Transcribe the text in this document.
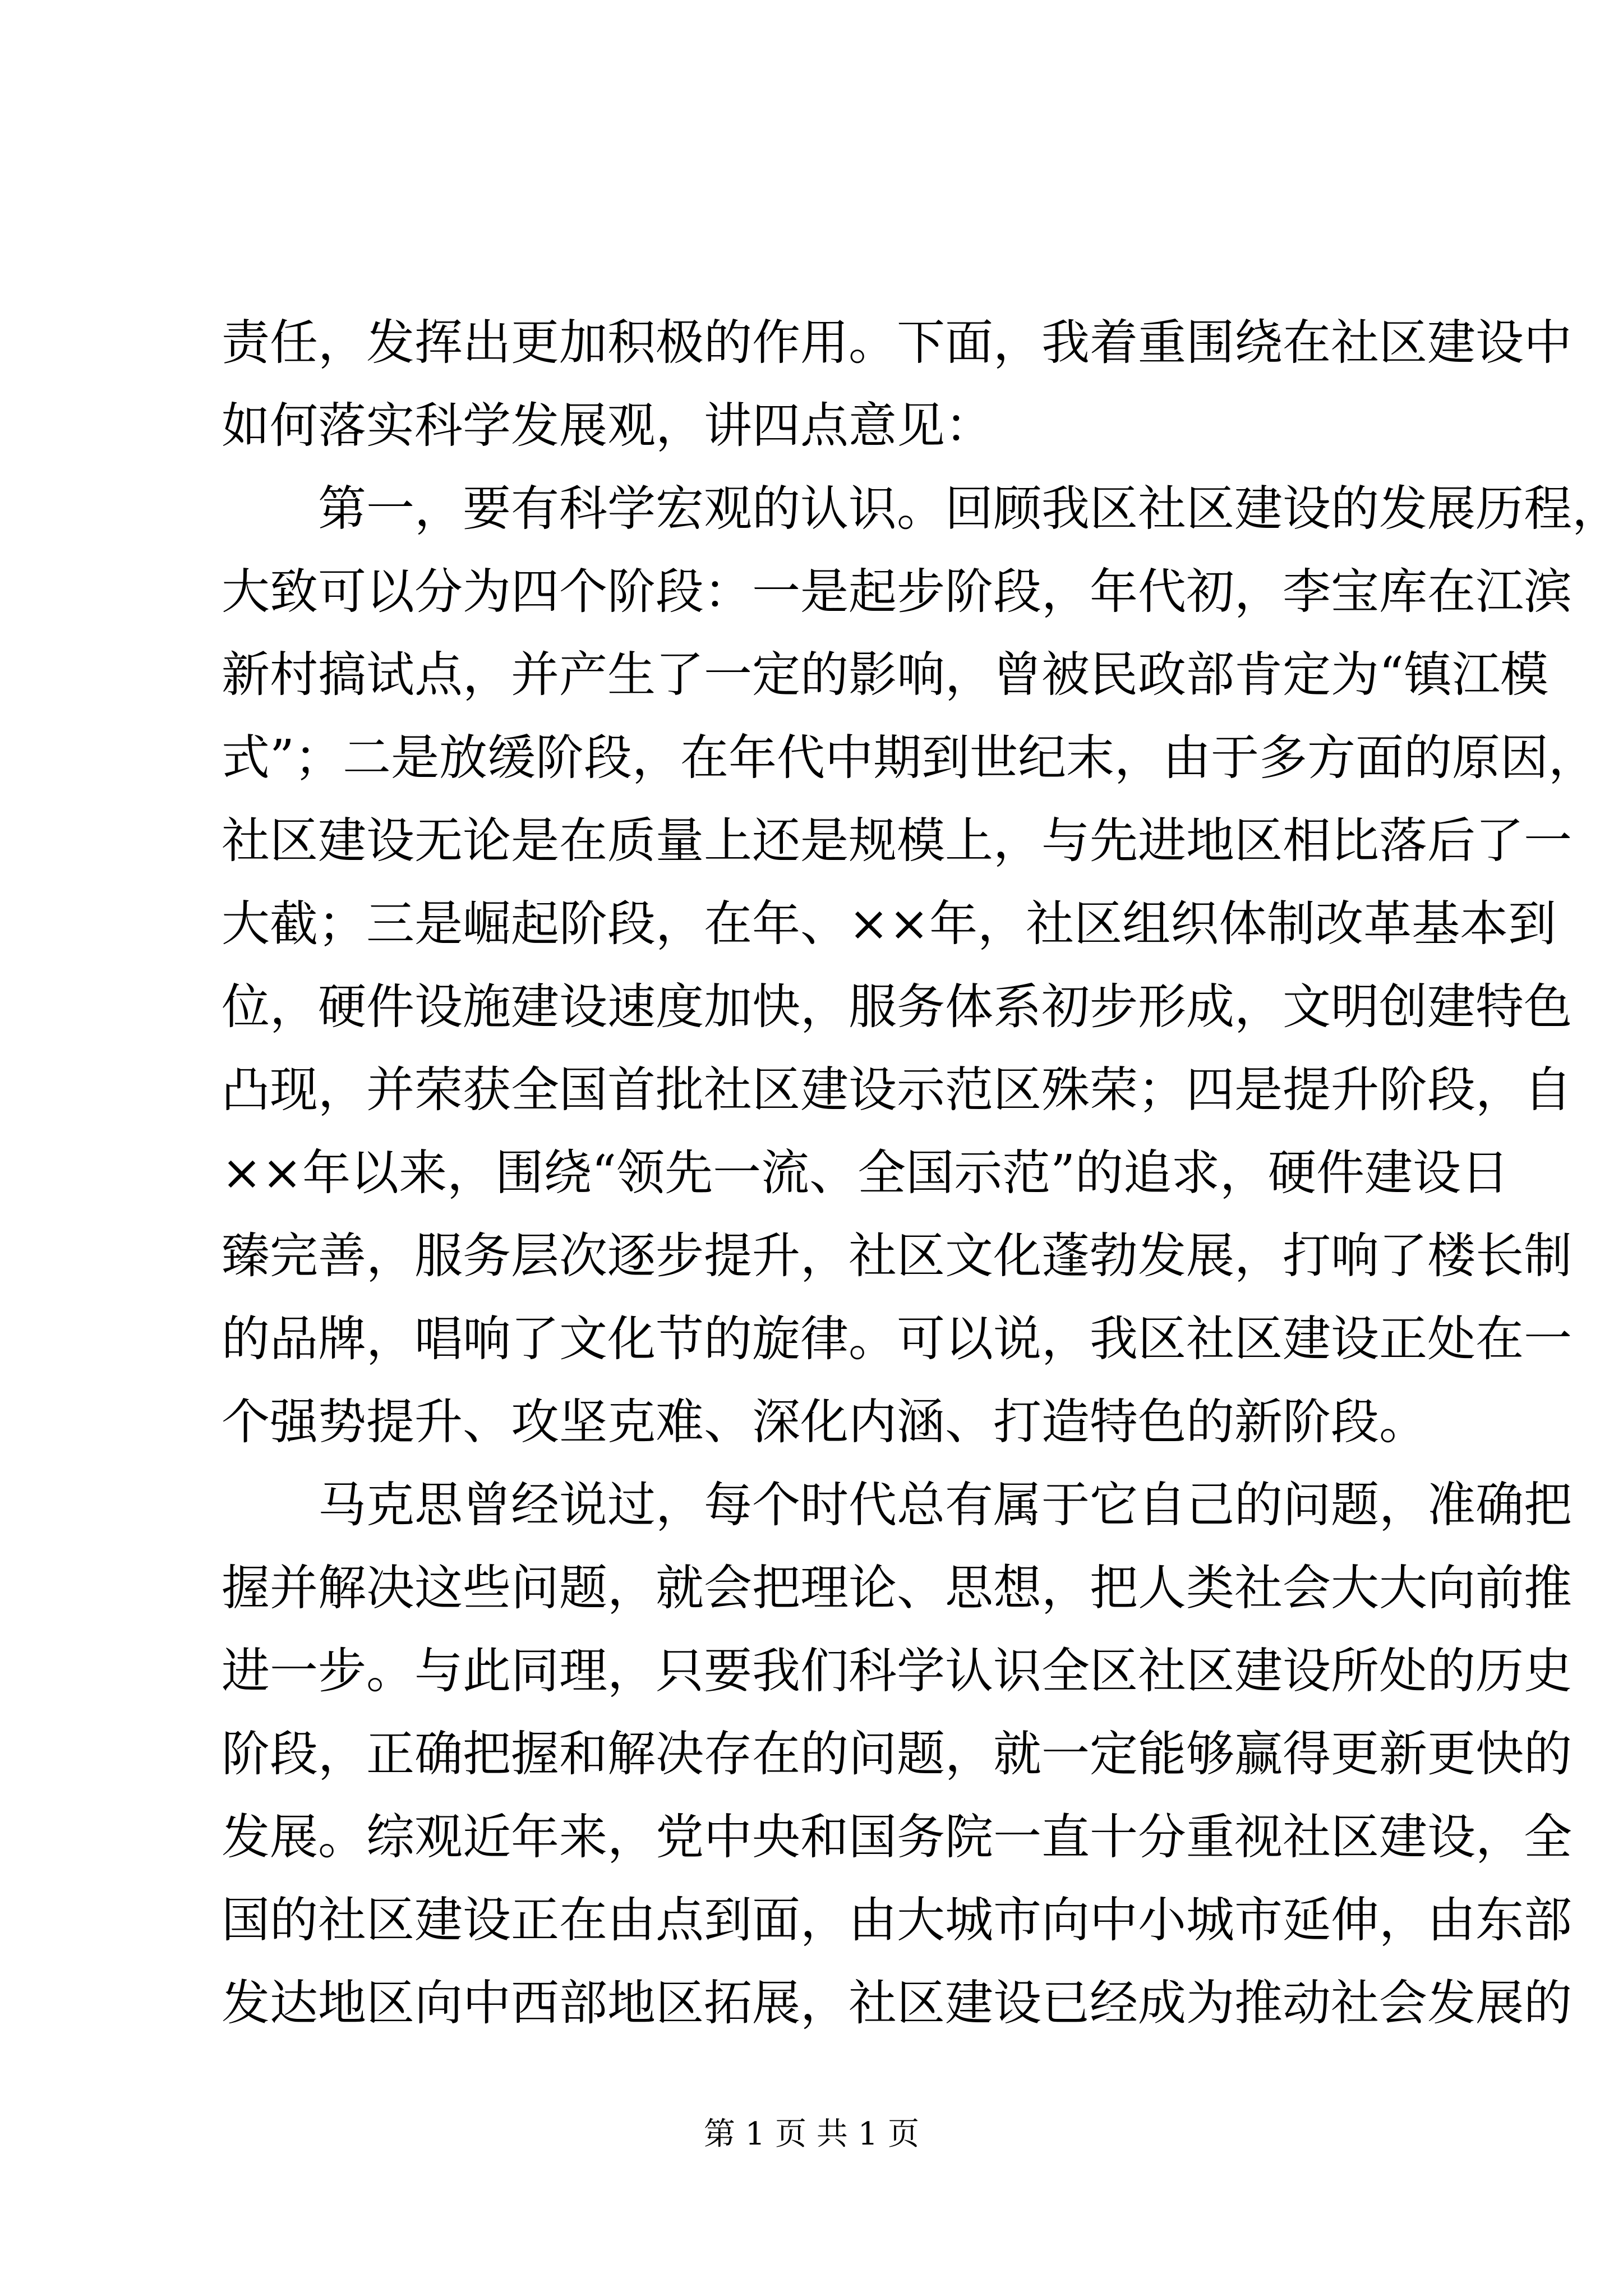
责任，发挥出更加积极的作用。下面，我着重围绕在社区建设中
如何落实科学发展观，讲四点意见：
　　第一，要有科学宏观的认识。回顾我区社区建设的发展历程，
大致可以分为四个阶段：一是起步阶段，年代初，李宝库在江滨
新村搞试点，并产生了一定的影响，曾被民政部肯定为“镇江模
式”；二是放缓阶段，在年代中期到世纪末，由于多方面的原因，
社区建设无论是在质量上还是规模上，与先进地区相比落后了一
大截；三是崛起阶段，在年、××年，社区组织体制改革基本到
位，硬件设施建设速度加快，服务体系初步形成，文明创建特色
凸现，并荣获全国首批社区建设示范区殊荣；四是提升阶段，自
××年以来，围绕“领先一流、全国示范”的追求，硬件建设日
臻完善，服务层次逐步提升，社区文化蓬勃发展，打响了楼长制
的品牌，唱响了文化节的旋律。可以说，我区社区建设正处在一
个强势提升、攻坚克难、深化内涵、打造特色的新阶段。
　　马克思曾经说过，每个时代总有属于它自己的问题，准确把
握并解决这些问题，就会把理论、思想，把人类社会大大向前推
进一步。与此同理，只要我们科学认识全区社区建设所处的历史
阶段，正确把握和解决存在的问题，就一定能够赢得更新更快的
发展。综观近年来，党中央和国务院一直十分重视社区建设，全
国的社区建设正在由点到面，由大城市向中小城市延伸，由东部
发达地区向中西部地区拓展，社区建设已经成为推动社会发展的
第 1 页 共 1 页
